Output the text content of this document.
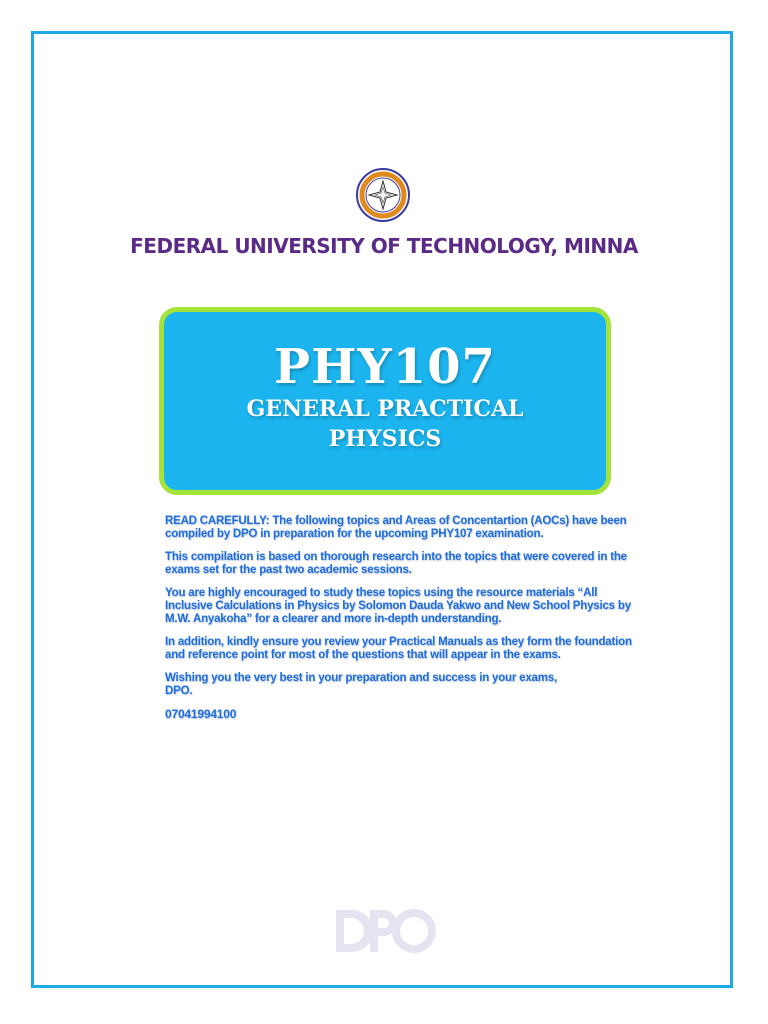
FEDERAL UNIVERSITY OF TECHNOLOGY, MINNA
PHY107
GENERAL PRACTICAL
PHYSICS

READ CAREFULLY: The following topics and Areas of Concentartion (AOCs) have been compiled by DPO in preparation for the upcoming PHY107 examination.

This compilation is based on thorough research into the topics that were covered in the exams set for the past two academic sessions.

You are highly encouraged to study these topics using the resource materials “All Inclusive Calculations in Physics by Solomon Dauda Yakwo and New School Physics by M.W. Anyakoha” for a clearer and more in-depth understanding.

In addition, kindly ensure you review your Practical Manuals as they form the foundation and reference point for most of the questions that will appear in the exams.

Wishing you the very best in your preparation and success in your exams,
DPO.

07041994100
